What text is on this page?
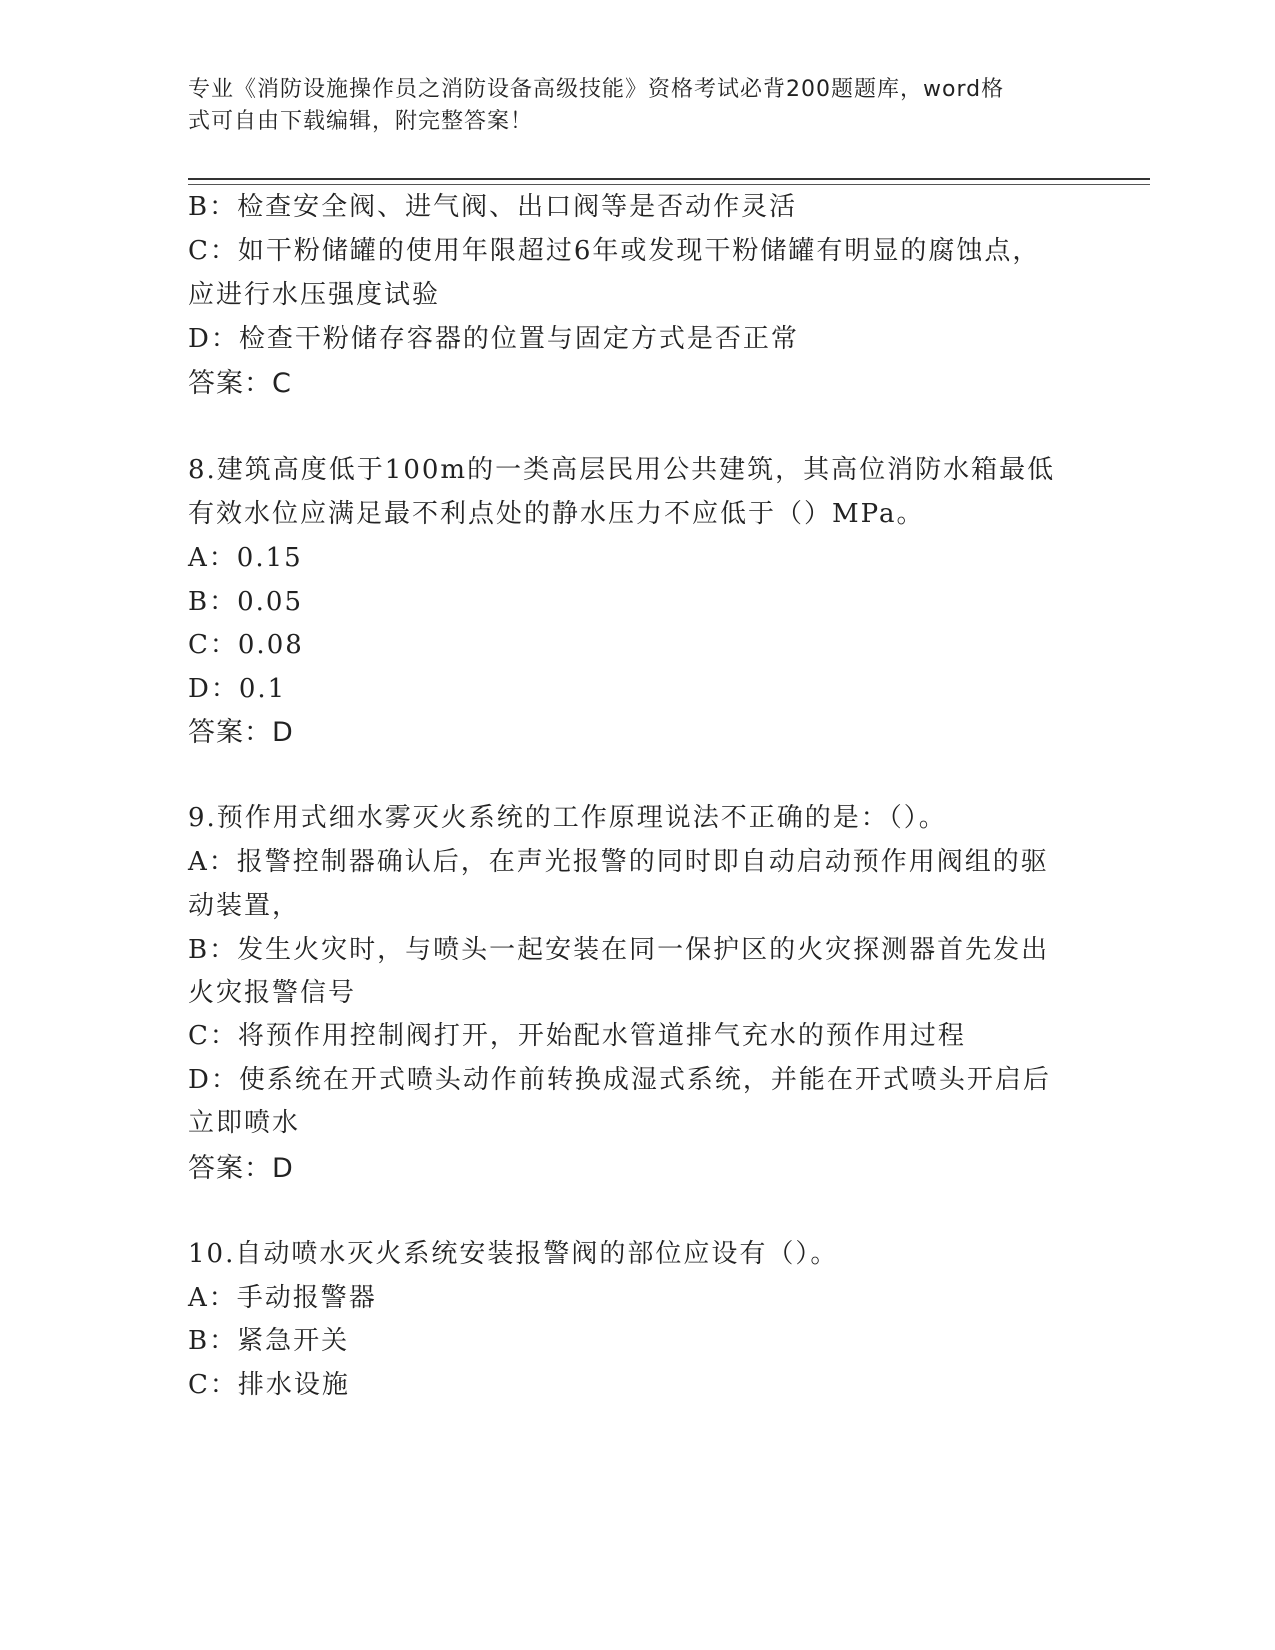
专业《消防设施操作员之消防设备高级技能》资格考试必背200题题库，word格
式可自由下载编辑，附完整答案！
B：检查安全阀、进气阀、出口阀等是否动作灵活
C：如干粉储罐的使用年限超过6年或发现干粉储罐有明显的腐蚀点，
应进行水压强度试验
D：检查干粉储存容器的位置与固定方式是否正常
答案：C
8.建筑高度低于100m的一类高层民用公共建筑，其高位消防水箱最低
有效水位应满足最不利点处的静水压力不应低于（）MPa。
A：0.15
B：0.05
C：0.08
D：0.1
答案：D
9.预作用式细水雾灭火系统的工作原理说法不正确的是：（）。
A：报警控制器确认后，在声光报警的同时即自动启动预作用阀组的驱
动装置，
B：发生火灾时，与喷头一起安装在同一保护区的火灾探测器首先发出
火灾报警信号
C：将预作用控制阀打开，开始配水管道排气充水的预作用过程
D：使系统在开式喷头动作前转换成湿式系统，并能在开式喷头开启后
立即喷水
答案：D
10.自动喷水灭火系统安装报警阀的部位应设有（）。
A：手动报警器
B：紧急开关
C：排水设施
